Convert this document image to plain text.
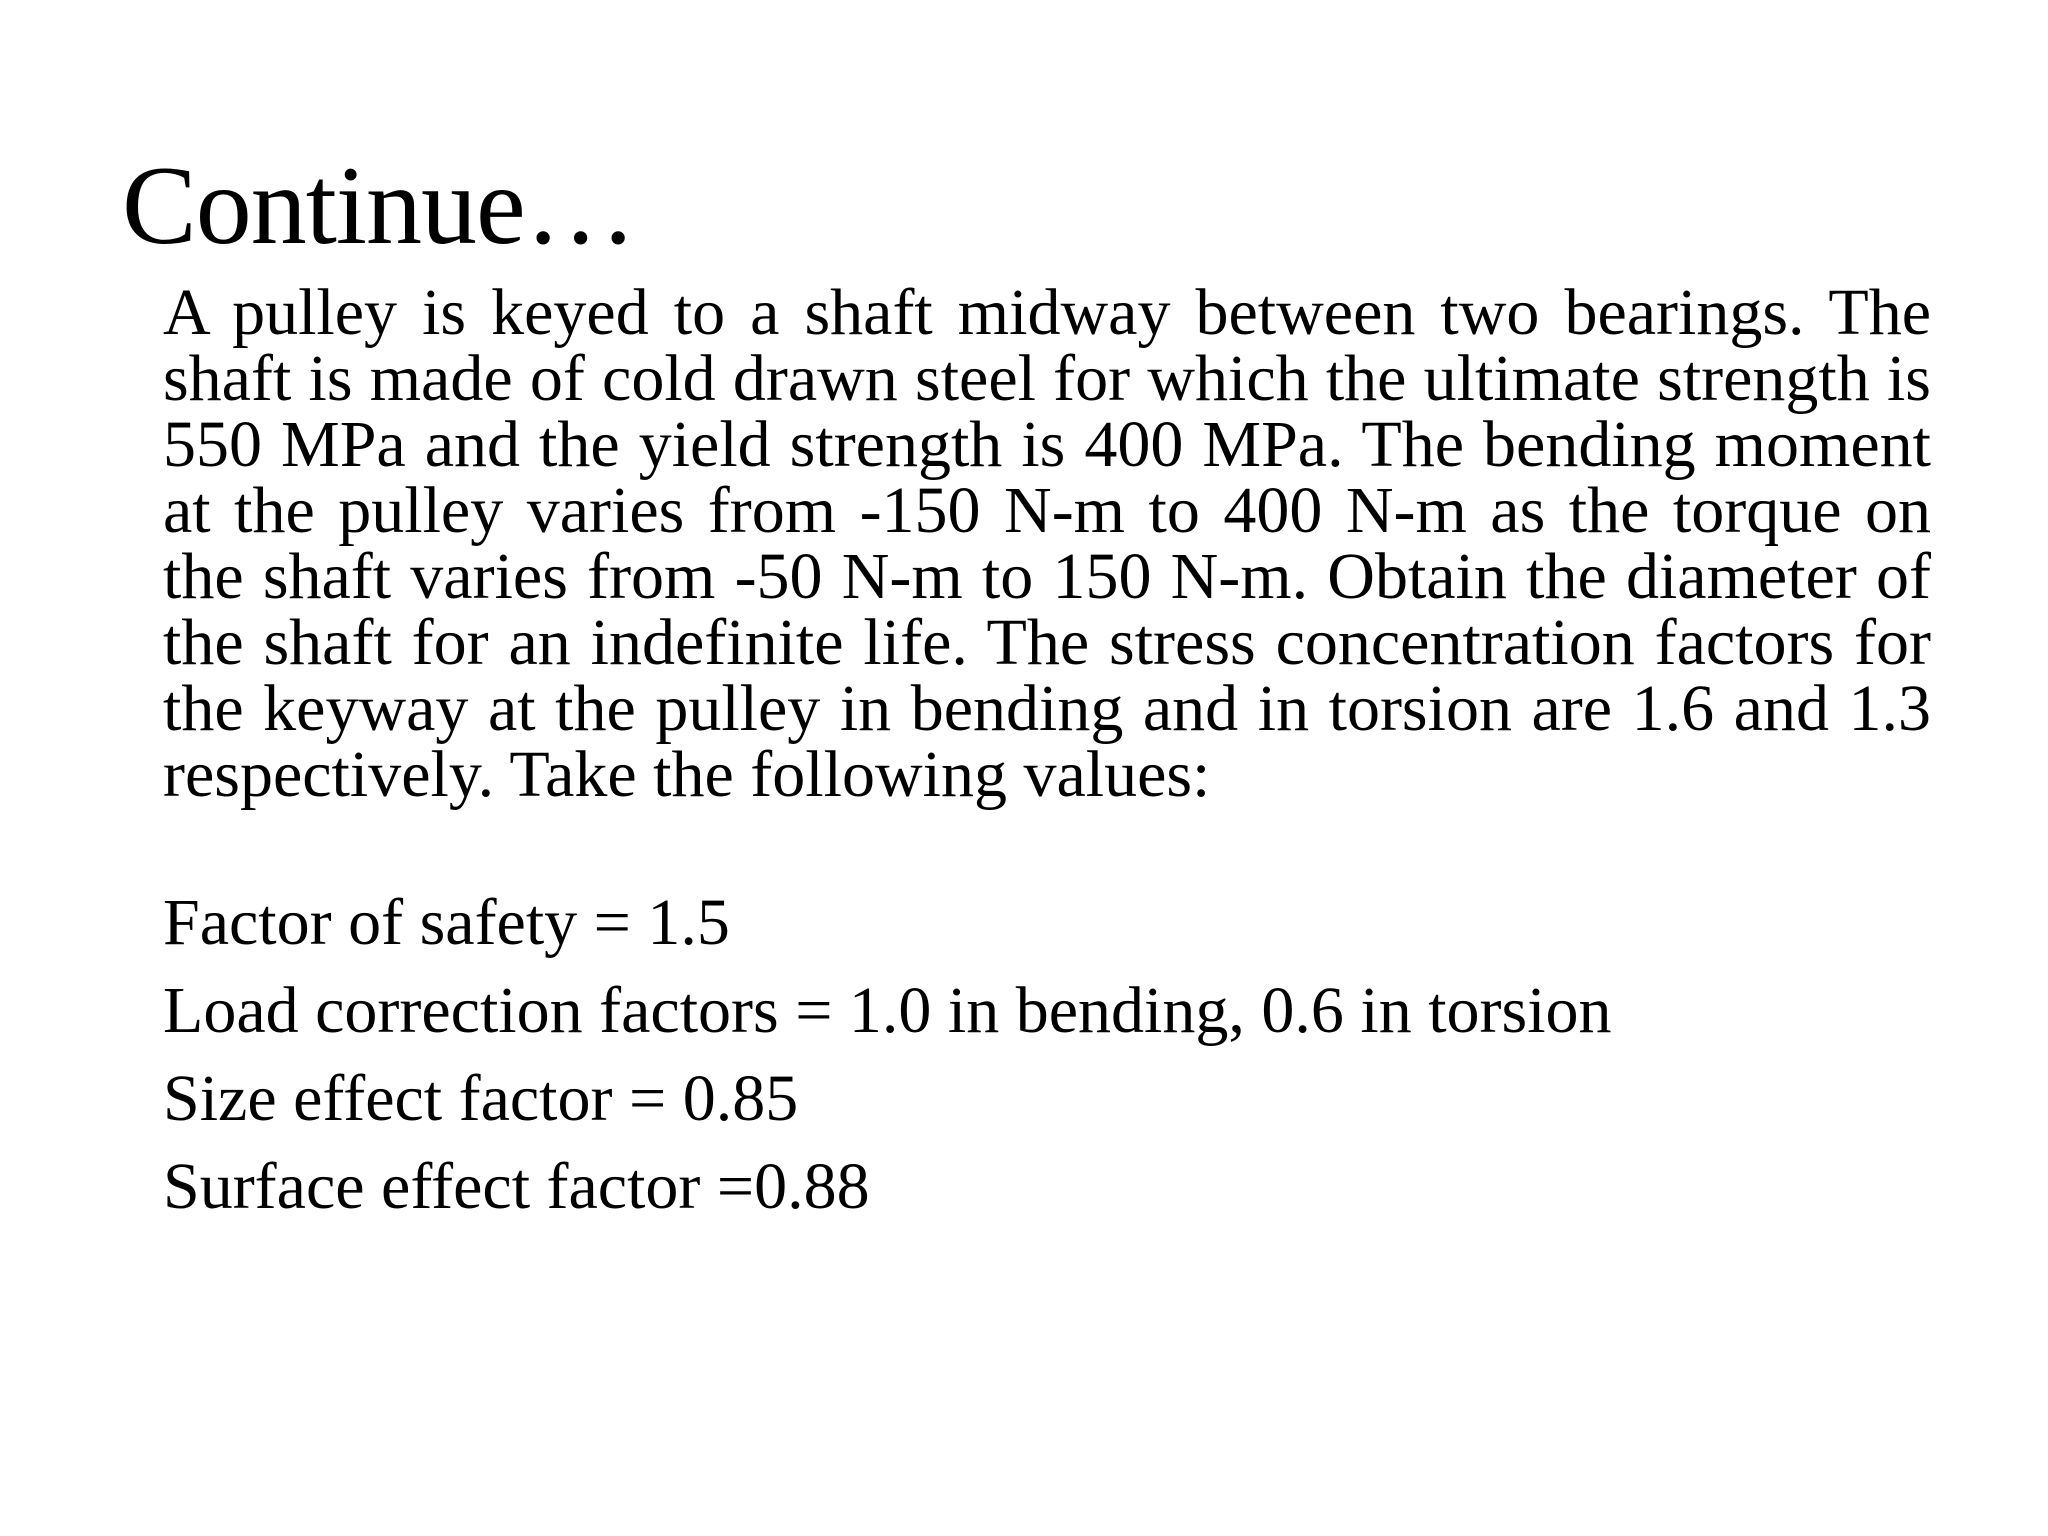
Continue…

A pulley is keyed to a shaft midway between two bearings. The shaft is made of cold drawn steel for which the ultimate strength is 550 MPa and the yield strength is 400 MPa. The bending moment at the pulley varies from -150 N-m to 400 N-m as the torque on the shaft varies from -50 N-m to 150 N-m. Obtain the diameter of the shaft for an indefinite life. The stress concentration factors for the keyway at the pulley in bending and in torsion are 1.6 and 1.3 respectively. Take the following values:

Factor of safety = 1.5
Load correction factors = 1.0 in bending, 0.6 in torsion
Size effect factor = 0.85
Surface effect factor =0.88
